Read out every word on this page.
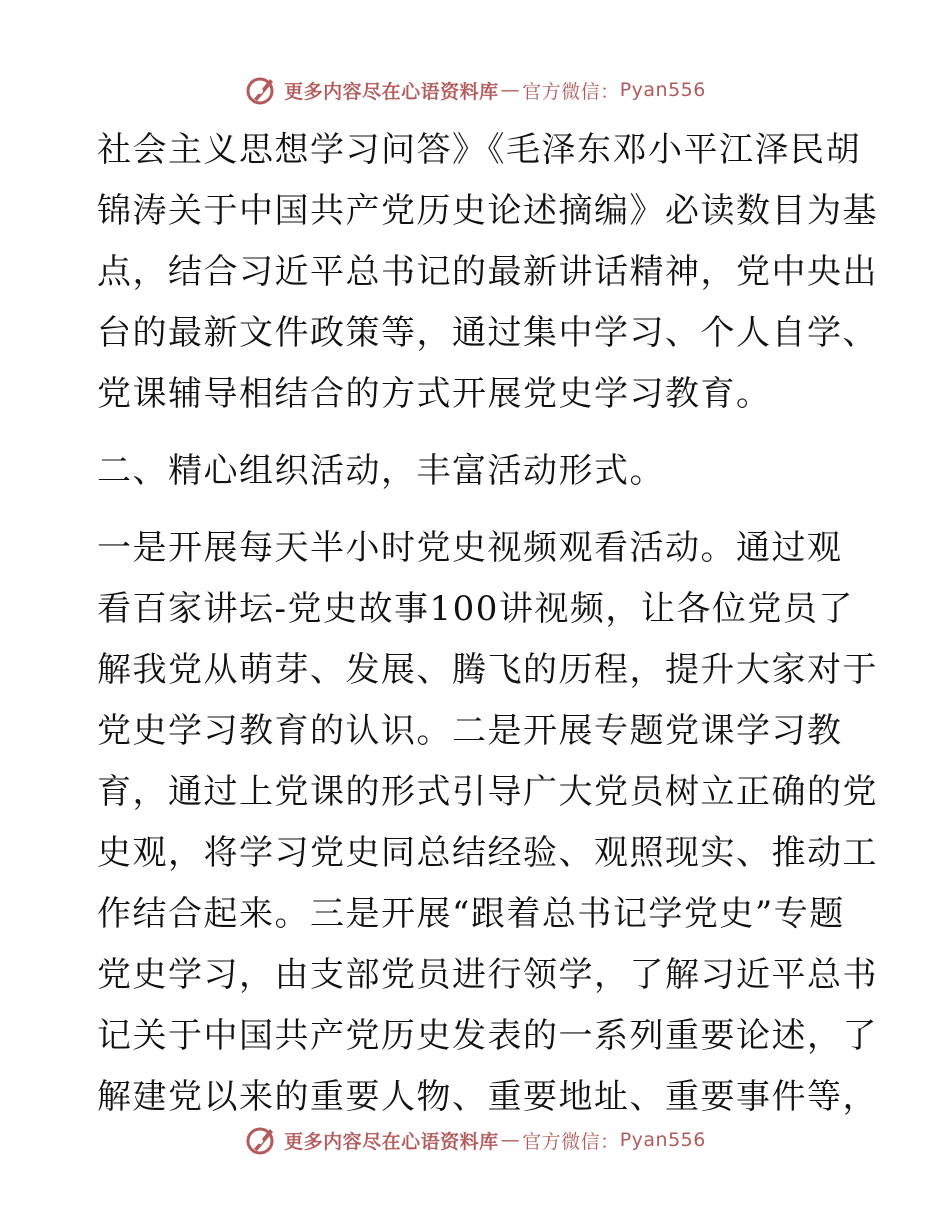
更多内容尽在心语资料库 — 官方微信： Pyan556
社会主义思想学习问答》《毛泽东邓小平江泽民胡
锦涛关于中国共产党历史论述摘编》必读数目为基
点，结合习近平总书记的最新讲话精神，党中央出
台的最新文件政策等，通过集中学习、个人自学、
党课辅导相结合的方式开展党史学习教育。
二、精心组织活动，丰富活动形式。
一是开展每天半小时党史视频观看活动。通过观
看百家讲坛-党史故事100讲视频，让各位党员了
解我党从萌芽、发展、腾飞的历程，提升大家对于
党史学习教育的认识。二是开展专题党课学习教
育，通过上党课的形式引导广大党员树立正确的党
史观，将学习党史同总结经验、观照现实、推动工
作结合起来。三是开展“跟着总书记学党史”专题
党史学习，由支部党员进行领学，了解习近平总书
记关于中国共产党历史发表的一系列重要论述，了
解建党以来的重要人物、重要地址、重要事件等，
更多内容尽在心语资料库 — 官方微信： Pyan556
